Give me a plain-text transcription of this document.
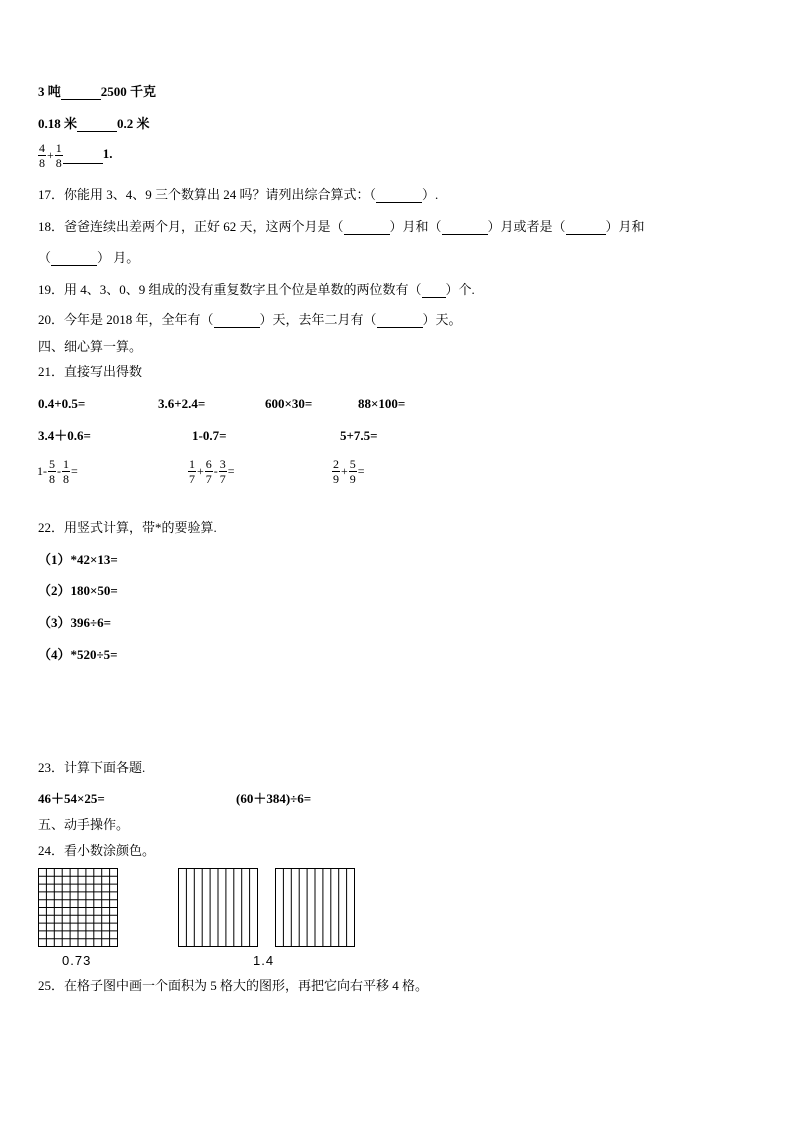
3 吨	2500 千克
0.18 米	0.2 米
$\frac{4}{8} + \frac{1}{8}$	1.
17．你能用 3、4、9 三个数算出 24 吗？请列出综合算式：（	）.
18．爸爸连续出差两个月，正好 62 天，这两个月是（	）月和（	）月或者是（	）月和
（	） 月。
19．用 4、3、0、9 组成的没有重复数字且个位是单数的两位数有（ ）个.
20．今年是 2018 年，全年有（	）天，去年二月有（	）天。
四、细心算一算。
21．直接写出得数
0.4+0.5=	3.6+2.4=	600×30=	88×100=
3.4＋0.6=	1-0.7=	5+7.5=
$1- \frac{5}{8} - \frac{1}{8}$ =	$\frac{1}{7} + \frac{6}{7} - \frac{3}{7}$ =	$\frac{2}{9} + \frac{5}{9}$ =
22．用竖式计算，带*的要验算.
（1）*42×13=
（2）180×50=
（3）396÷6=
（4）*520÷5=
23．计算下面各题.
46＋54×25=	(60＋384)÷6=
五、动手操作。
24．看小数涂颜色。
0.73	1.4
25．在格子图中画一个面积为 5 格大的图形，再把它向右平移 4 格。
